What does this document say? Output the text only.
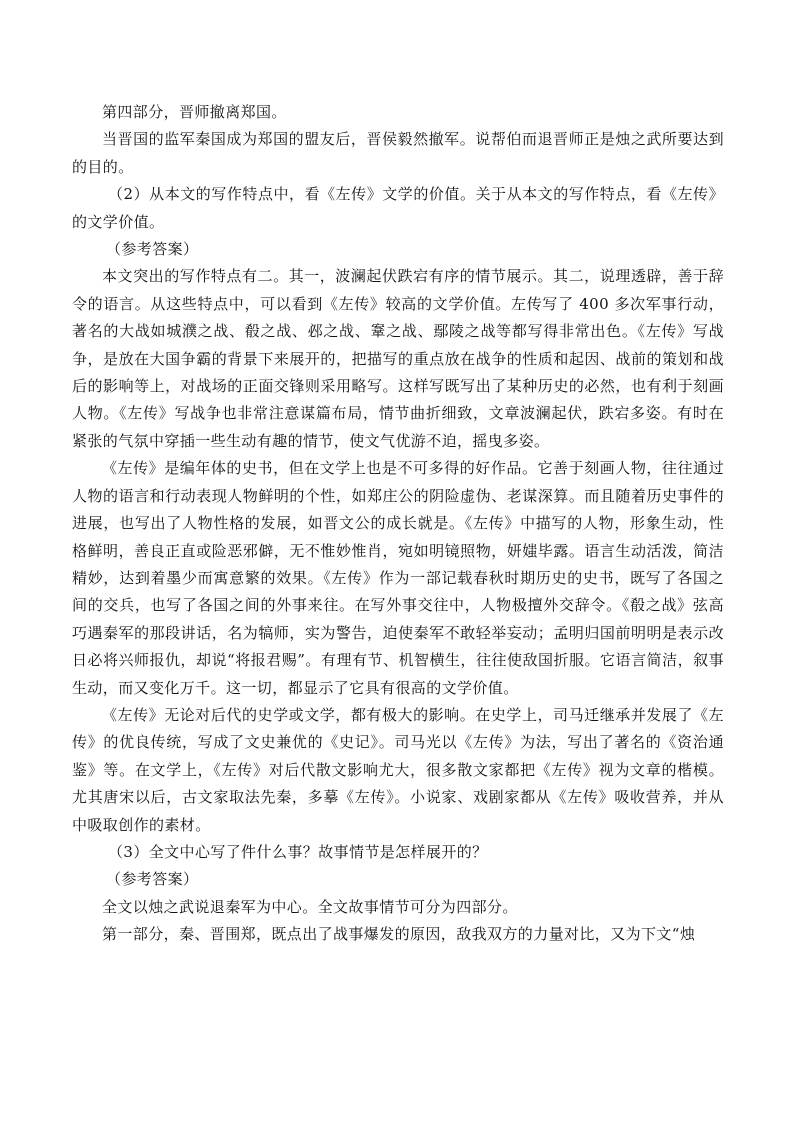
第四部分，晋师撤离郑国。

当晋国的监军秦国成为郑国的盟友后，晋侯毅然撤军。说帮伯而退晋师正是烛之武所要达到的目的。

（2）从本文的写作特点中，看《左传》文学的价值。关于从本文的写作特点，看《左传》的文学价值。

（参考答案）

本文突出的写作特点有二。其一，波澜起伏跌宕有序的情节展示。其二，说理透辟，善于辞令的语言。从这些特点中，可以看到《左传》较高的文学价值。左传写了 400 多次军事行动，著名的大战如城濮之战、殽之战、邲之战、鞌之战、鄢陵之战等都写得非常出色。《左传》写战争，是放在大国争霸的背景下来展开的，把描写的重点放在战争的性质和起因、战前的策划和战后的影响等上，对战场的正面交锋则采用略写。这样写既写出了某种历史的必然，也有利于刻画人物。《左传》写战争也非常注意谋篇布局，情节曲折细致，文章波澜起伏，跌宕多姿。有时在紧张的气氛中穿插一些生动有趣的情节，使文气优游不迫，摇曳多姿。

《左传》是编年体的史书，但在文学上也是不可多得的好作品。它善于刻画人物，往往通过人物的语言和行动表现人物鲜明的个性，如郑庄公的阴险虚伪、老谋深算。而且随着历史事件的进展，也写出了人物性格的发展，如晋文公的成长就是。《左传》中描写的人物，形象生动，性格鲜明，善良正直或险恶邪僻，无不惟妙惟肖，宛如明镜照物，妍媸毕露。语言生动活泼，简洁精妙，达到着墨少而寓意繁的效果。《左传》作为一部记载春秋时期历史的史书，既写了各国之间的交兵，也写了各国之间的外事来往。在写外事交往中，人物极擅外交辞令。《殽之战》弦高巧遇秦军的那段讲话，名为犒师，实为警告，迫使秦军不敢轻举妄动；孟明归国前明明是表示改日必将兴师报仇，却说“将报君赐”。有理有节、机智横生，往往使敌国折服。它语言简洁，叙事生动，而又变化万千。这一切，都显示了它具有很高的文学价值。

《左传》无论对后代的史学或文学，都有极大的影响。在史学上，司马迁继承并发展了《左传》的优良传统，写成了文史兼优的《史记》。司马光以《左传》为法，写出了著名的《资治通鉴》等。在文学上，《左传》对后代散文影响尤大，很多散文家都把《左传》视为文章的楷模。尤其唐宋以后，古文家取法先秦，多摹《左传》。小说家、戏剧家都从《左传》吸收营养，并从中吸取创作的素材。

（3）全文中心写了件什么事？故事情节是怎样展开的？

（参考答案）

全文以烛之武说退秦军为中心。全文故事情节可分为四部分。

第一部分，秦、晋围郑，既点出了战事爆发的原因，敌我双方的力量对比，又为下文“烛
